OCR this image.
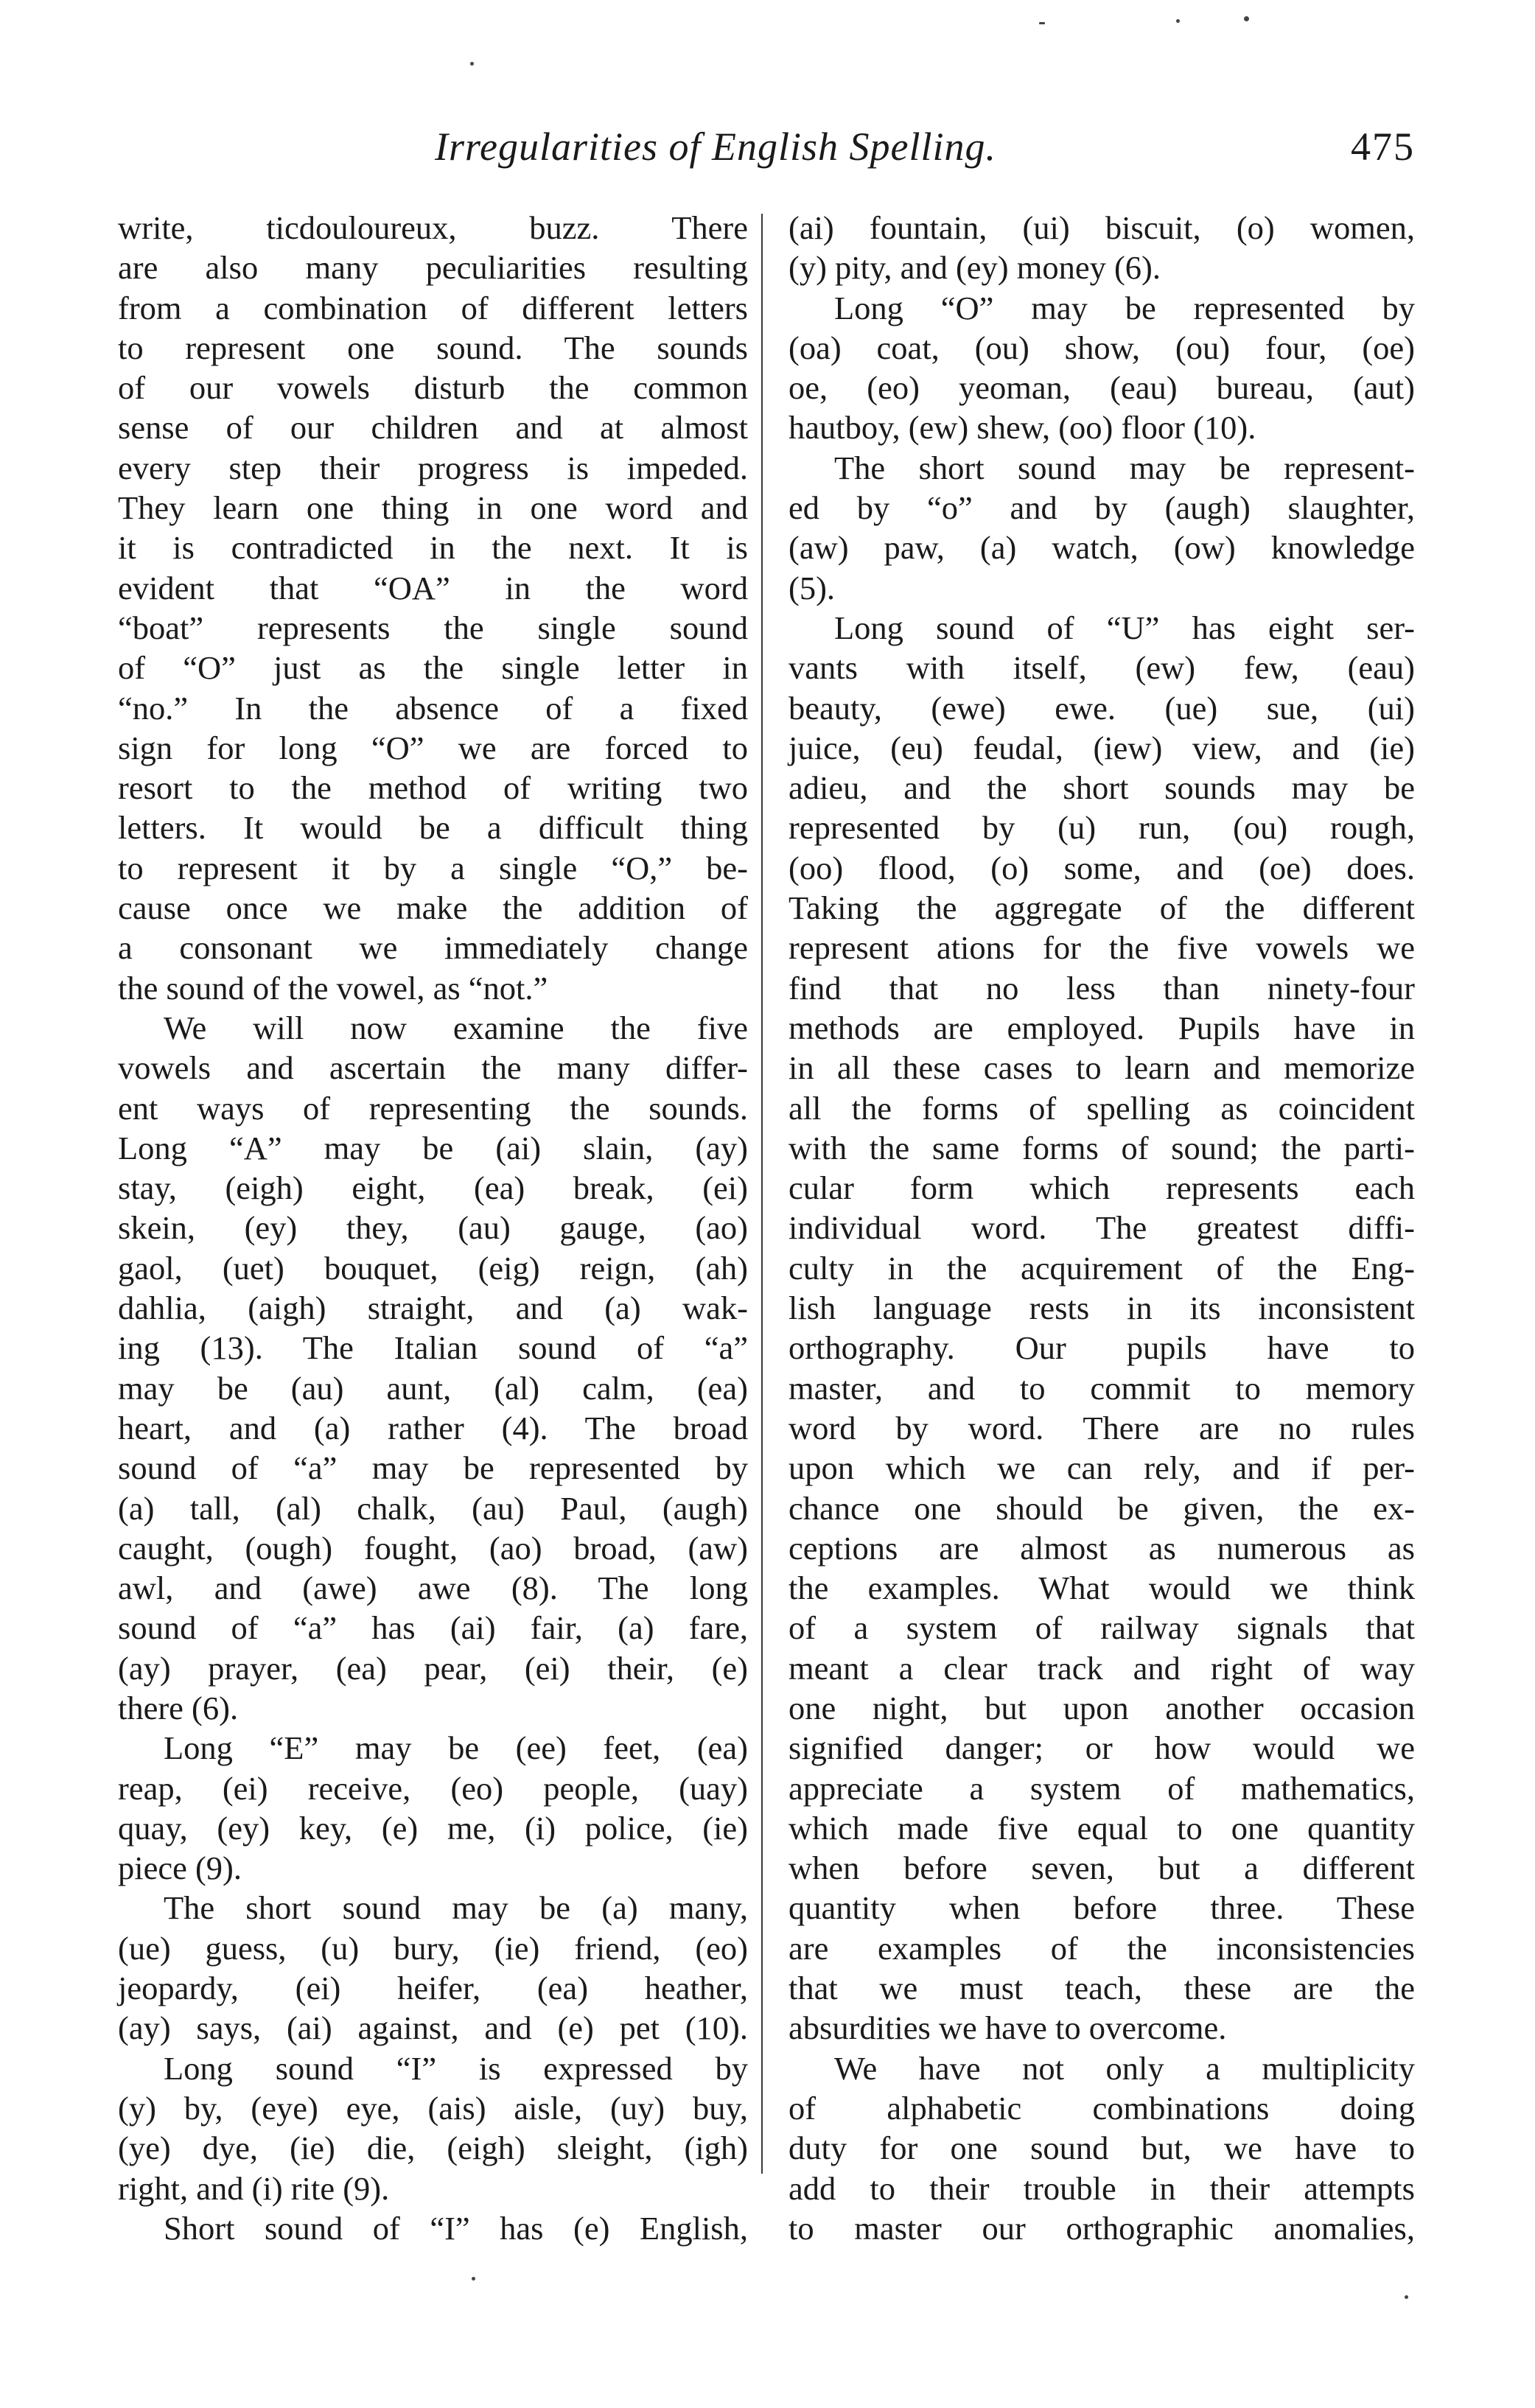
Irregularities of English Spelling.	475
write, ticdouloureux, buzz. There
are also many peculiarities resulting
from a combination of different letters
to represent one sound. The sounds
of our vowels disturb the common
sense of our children and at almost
every step their progress is impeded.
They learn one thing in one word and
it is contradicted in the next. It is
evident that “OA” in the word
“boat” represents the single sound
of “O” just as the single letter in
“no.” In the absence of a fixed
sign for long “O” we are forced to
resort to the method of writing two
letters. It would be a difficult thing
to represent it by a single “O,” be-
cause once we make the addition of
a consonant we immediately change
the sound of the vowel, as “not.”
We will now examine the five
vowels and ascertain the many differ-
ent ways of representing the sounds.
Long “A” may be (ai) slain, (ay)
stay, (eigh) eight, (ea) break, (ei)
skein, (ey) they, (au) gauge, (ao)
gaol, (uet) bouquet, (eig) reign, (ah)
dahlia, (aigh) straight, and (a) wak-
ing (13). The Italian sound of “a”
may be (au) aunt, (al) calm, (ea)
heart, and (a) rather (4). The broad
sound of “a” may be represented by
(a) tall, (al) chalk, (au) Paul, (augh)
caught, (ough) fought, (ao) broad, (aw)
awl, and (awe) awe (8). The long
sound of “a” has (ai) fair, (a) fare,
(ay) prayer, (ea) pear, (ei) their, (e)
there (6).
Long “E” may be (ee) feet, (ea)
reap, (ei) receive, (eo) people, (uay)
quay, (ey) key, (e) me, (i) police, (ie)
piece (9).
The short sound may be (a) many,
(ue) guess, (u) bury, (ie) friend, (eo)
jeopardy, (ei) heifer, (ea) heather,
(ay) says, (ai) against, and (e) pet (10).
Long sound “I” is expressed by
(y) by, (eye) eye, (ais) aisle, (uy) buy,
(ye) dye, (ie) die, (eigh) sleight, (igh)
right, and (i) rite (9).
Short sound of “I” has (e) English,
(ai) fountain, (ui) biscuit, (o) women,
(y) pity, and (ey) money (6).
Long “O” may be represented by
(oa) coat, (ou) show, (ou) four, (oe)
oe, (eo) yeoman, (eau) bureau, (aut)
hautboy, (ew) shew, (oo) floor (10).
The short sound may be represent-
ed by “o” and by (augh) slaughter,
(aw) paw, (a) watch, (ow) knowledge
(5).
Long sound of “U” has eight ser-
vants with itself, (ew) few, (eau)
beauty, (ewe) ewe. (ue) sue, (ui)
juice, (eu) feudal, (iew) view, and (ie)
adieu, and the short sounds may be
represented by (u) run, (ou) rough,
(oo) flood, (o) some, and (oe) does.
Taking the aggregate of the different
represent ations for the five vowels we
find that no less than ninety-four
methods are employed. Pupils have in
in all these cases to learn and memorize
all the forms of spelling as coincident
with the same forms of sound; the parti-
cular form which represents each
individual word. The greatest diffi-
culty in the acquirement of the Eng-
lish language rests in its inconsistent
orthography. Our pupils have to
master, and to commit to memory
word by word. There are no rules
upon which we can rely, and if per-
chance one should be given, the ex-
ceptions are almost as numerous as
the examples. What would we think
of a system of railway signals that
meant a clear track and right of way
one night, but upon another occasion
signified danger; or how would we
appreciate a system of mathematics,
which made five equal to one quantity
when before seven, but a different
quantity when before three. These
are examples of the inconsistencies
that we must teach, these are the
absurdities we have to overcome.
We have not only a multiplicity
of alphabetic combinations doing
duty for one sound but, we have to
add to their trouble in their attempts
to master our orthographic anomalies,
